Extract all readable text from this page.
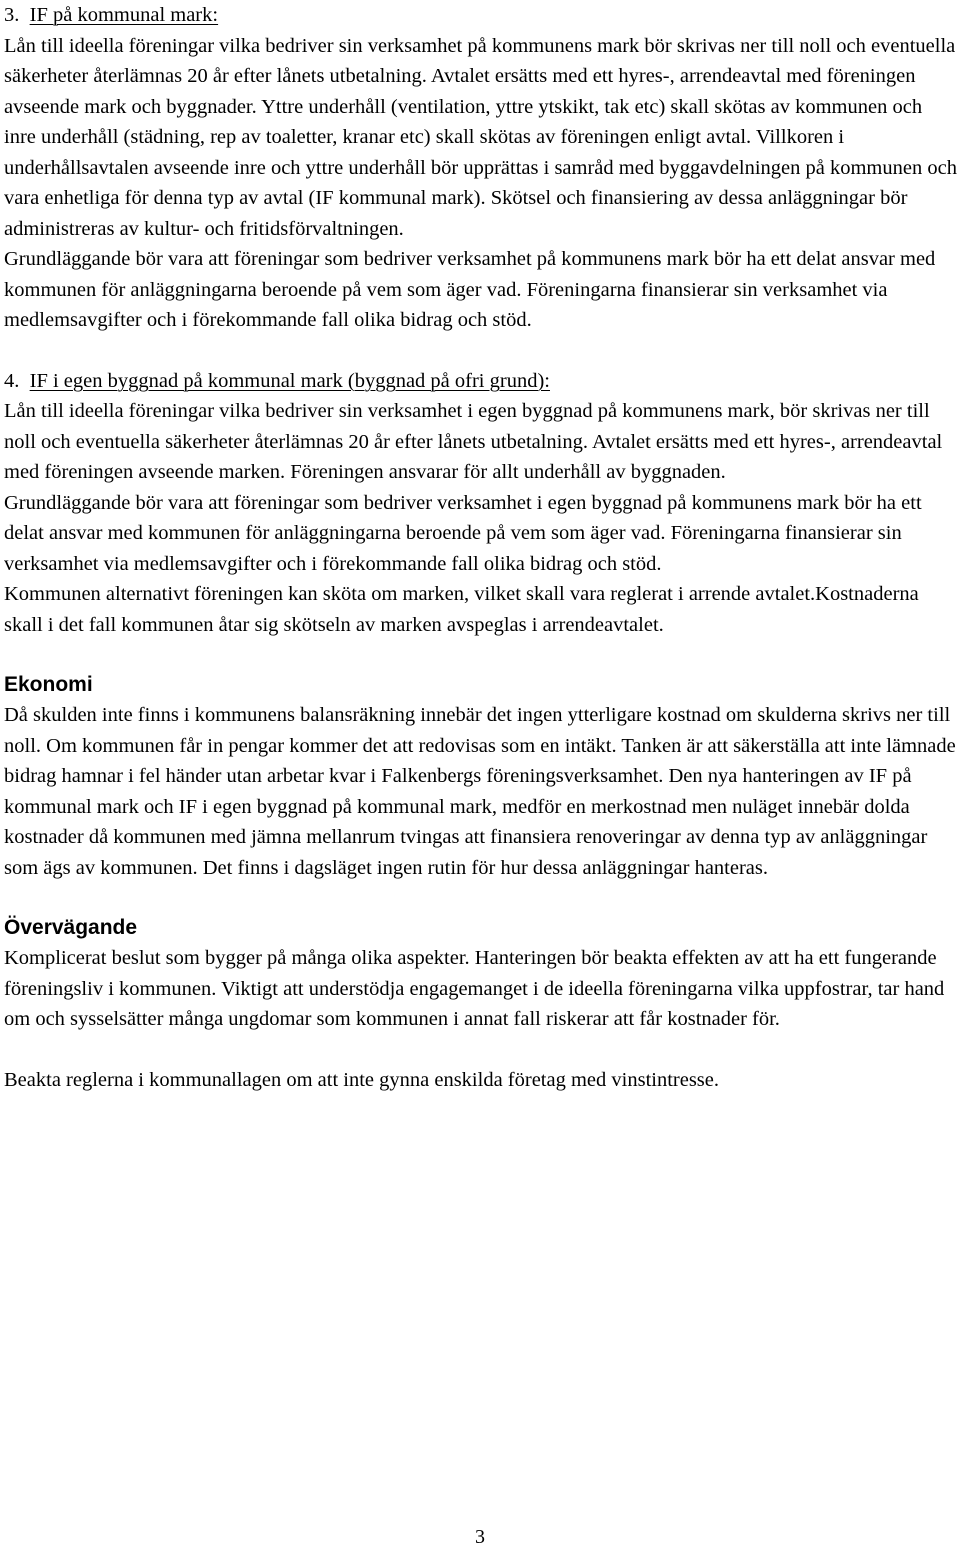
3. IF på kommunal mark:

Lån till ideella föreningar vilka bedriver sin verksamhet på kommunens mark bör skrivas ner till noll och eventuella säkerheter återlämnas 20 år efter lånets utbetalning. Avtalet ersätts med ett hyres-, arrendeavtal med föreningen avseende mark och byggnader. Yttre underhåll (ventilation, yttre ytskikt, tak etc) skall skötas av kommunen och inre underhåll (städning, rep av toaletter, kranar etc) skall skötas av föreningen enligt avtal. Villkoren i underhållsavtalen avseende inre och yttre underhåll bör upprättas i samråd med byggavdelningen på kommunen och vara enhetliga för denna typ av avtal (IF kommunal mark). Skötsel och finansiering av dessa anläggningar bör administreras av kultur- och fritidsförvaltningen.

Grundläggande bör vara att föreningar som bedriver verksamhet på kommunens mark bör ha ett delat ansvar med kommunen för anläggningarna beroende på vem som äger vad. Föreningarna finansierar sin verksamhet via medlemsavgifter och i förekommande fall olika bidrag och stöd.

4. IF i egen byggnad på kommunal mark (byggnad på ofri grund):

Lån till ideella föreningar vilka bedriver sin verksamhet i egen byggnad på kommunens mark, bör skrivas ner till noll och eventuella säkerheter återlämnas 20 år efter lånets utbetalning. Avtalet ersätts med ett hyres-, arrendeavtal med föreningen avseende marken. Föreningen ansvarar för allt underhåll av byggnaden.

Grundläggande bör vara att föreningar som bedriver verksamhet i egen byggnad på kommunens mark bör ha ett delat ansvar med kommunen för anläggningarna beroende på vem som äger vad. Föreningarna finansierar sin verksamhet via medlemsavgifter och i förekommande fall olika bidrag och stöd.

Kommunen alternativt föreningen kan sköta om marken, vilket skall vara reglerat i arrende avtalet.Kostnaderna skall i det fall kommunen åtar sig skötseln av marken avspeglas i arrendeavtalet.

Ekonomi

Då skulden inte finns i kommunens balansräkning innebär det ingen ytterligare kostnad om skulderna skrivs ner till noll. Om kommunen får in pengar kommer det att redovisas som en intäkt. Tanken är att säkerställa att inte lämnade bidrag hamnar i fel händer utan arbetar kvar i Falkenbergs föreningsverksamhet. Den nya hanteringen av IF på kommunal mark och IF i egen byggnad på kommunal mark, medför en merkostnad men nuläget innebär dolda kostnader då kommunen med jämna mellanrum tvingas att finansiera renoveringar av denna typ av anläggningar som ägs av kommunen. Det finns i dagsläget ingen rutin för hur dessa anläggningar hanteras.

Övervägande

Komplicerat beslut som bygger på många olika aspekter. Hanteringen bör beakta effekten av att ha ett fungerande föreningsliv i kommunen. Viktigt att understödja engagemanget i de ideella föreningarna vilka uppfostrar, tar hand om och sysselsätter många ungdomar som kommunen i annat fall riskerar att får kostnader för.

Beakta reglerna i kommunallagen om att inte gynna enskilda företag med vinstintresse.

3
